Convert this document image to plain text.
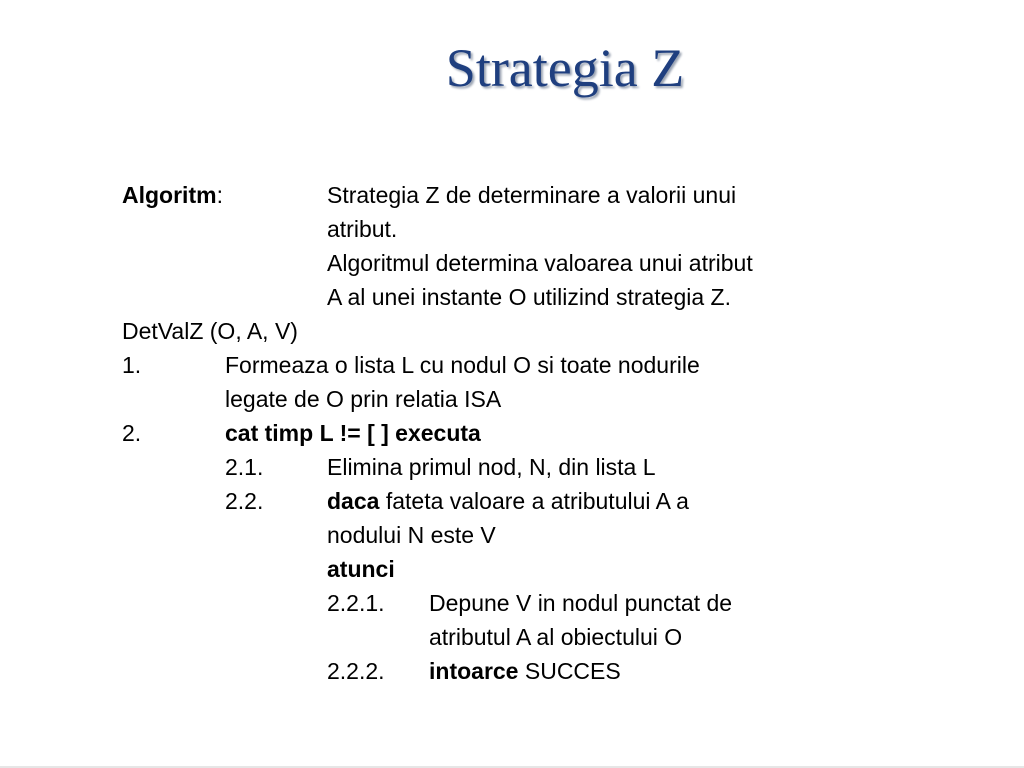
Strategia Z
Algoritm:	Strategia Z de determinare a valorii unui
atribut.
Algoritmul determina valoarea unui atribut
A al unei instante O utilizind strategia Z.
DetValZ (O, A, V)
1.	Formeaza o lista L cu nodul O si toate nodurile
legate de O prin relatia ISA
2.	cat timp L != [ ] executa
2.1.	Elimina primul nod, N, din lista L
2.2.	daca fateta valoare a atributului A a
nodului N este V
atunci
2.2.1. Depune V in nodul punctat de
atributul A al obiectului O
2.2.2. intoarce SUCCES
